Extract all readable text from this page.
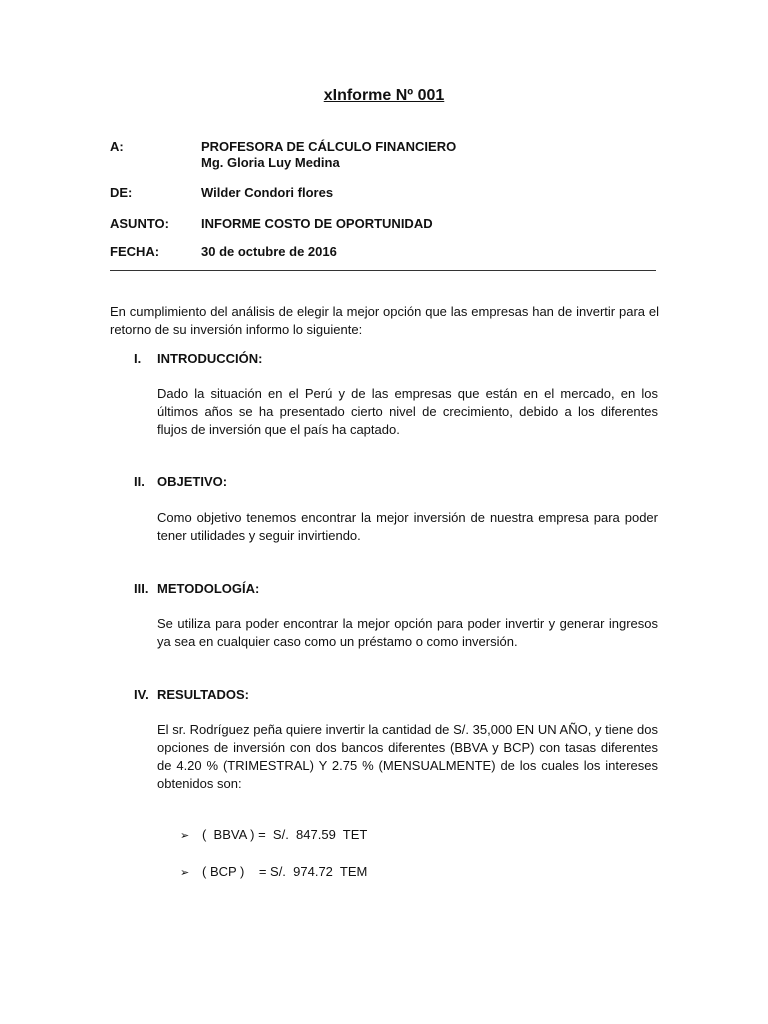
xInforme Nº 001
A:	PROFESORA DE CÁLCULO FINANCIERO
Mg. Gloria Luy Medina
DE:	Wilder Condori flores
ASUNTO:	INFORME COSTO DE OPORTUNIDAD
FECHA:	30 de octubre de 2016
En cumplimiento del análisis de elegir la mejor opción que las empresas han de invertir para el retorno de su inversión informo lo siguiente:
I. INTRODUCCIÓN:
Dado la situación en el Perú y de las empresas que están en el mercado, en los últimos años se ha presentado cierto nivel de crecimiento, debido a los diferentes flujos de inversión que el país ha captado.
II. OBJETIVO:
Como objetivo tenemos encontrar la mejor inversión de nuestra empresa para poder tener utilidades y seguir invirtiendo.
III. METODOLOGÍA:
Se utiliza para poder encontrar la mejor opción para poder invertir y generar ingresos ya sea en cualquier caso como un préstamo o como inversión.
IV. RESULTADOS:
El sr. Rodríguez peña quiere invertir la cantidad de S/. 35,000 EN UN AÑO, y tiene dos opciones de inversión con dos bancos diferentes (BBVA y BCP) con tasas diferentes de 4.20 % (TRIMESTRAL) Y 2.75 % (MENSUALMENTE) de los cuales los intereses obtenidos son:
➢ (  BBVA ) =  S/.  847.59  TET
➢ ( BCP )    = S/.  974.72  TEM
